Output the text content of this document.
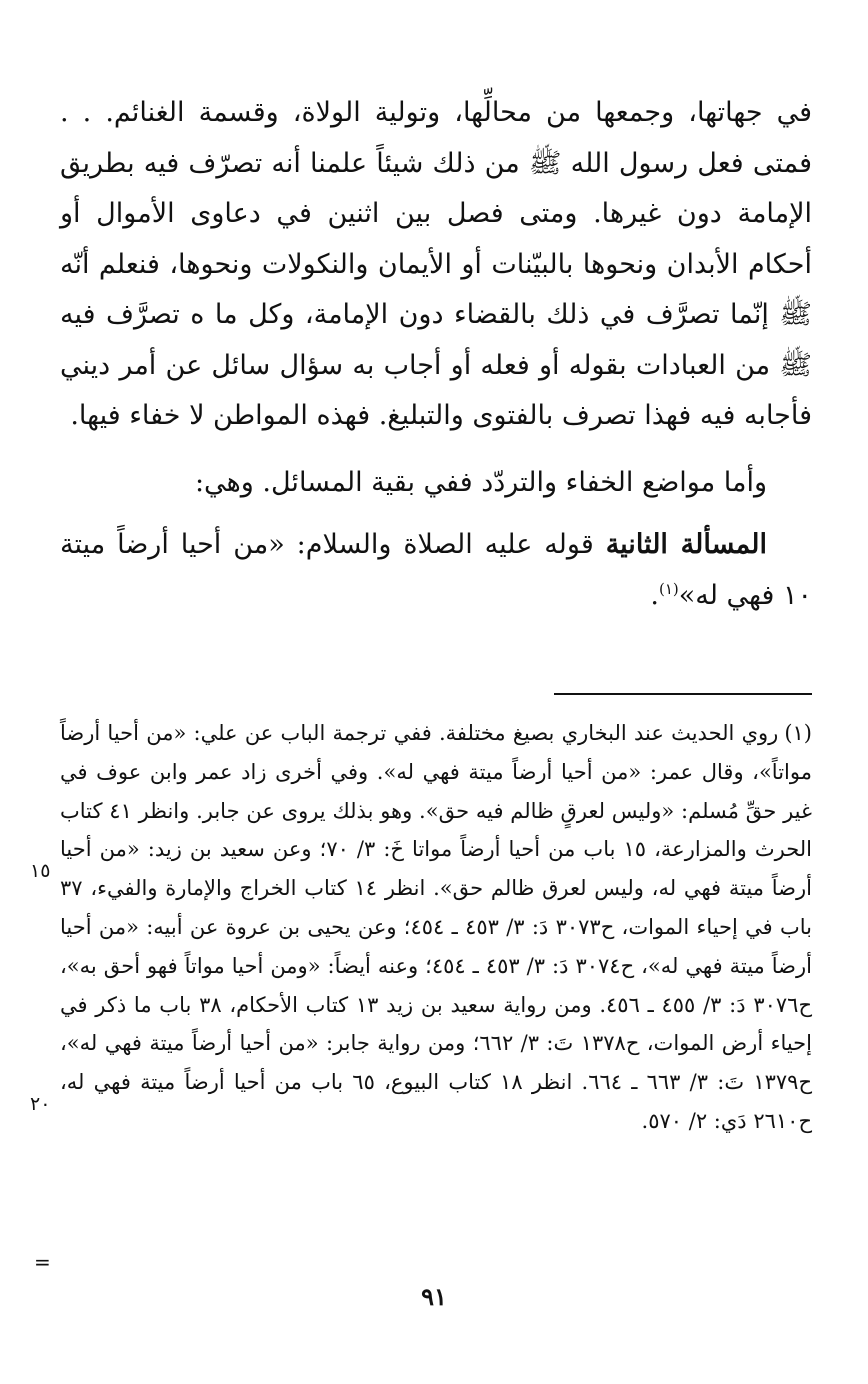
في جهاتها، وجمعها من محالِّها، وتولية الولاة، وقسمة الغنائم. . . فمتى فعل رسول الله ﷺ من ذلك شيئاً علمنا أنه تصرّف فيه بطريق الإمامة دون غيرها. ومتى فصل بين اثنين في دعاوى الأموال أو أحكام الأبدان ونحوها بالبيّنات أو الأيمان والنكولات ونحوها، فنعلم أنّه ﷺ إنّما تصرَّف في ذلك بالقضاء دون الإمامة، وكل ما ه تصرَّف فيه ﷺ من العبادات بقوله أو فعله أو أجاب به سؤال سائل عن أمر ديني فأجابه فيه فهذا تصرف بالفتوى والتبليغ. فهذه المواطن لا خفاء فيها.

وأما مواضع الخفاء والتردّد ففي بقية المسائل. وهي:

المسألة الثانية قوله عليه الصلاة والسلام: «من أحيا أرضاً ميتة ١٠ فهي له»$^{(١)}$.

(١)روي الحديث عند البخاري بصيغ مختلفة. ففي ترجمة الباب عن علي: «من أحيا أرضاً مواتاً»، وقال عمر: «من أحيا أرضاً ميتة فهي له». وفي أخرى زاد عمر وابن عوف في غير حقِّ مُسلم: «وليس لعرقٍ ظالم فيه حق». وهو بذلك يروى عن جابر. وانظر ٤١ كتاب الحرث والمزارعة، ١٥ باب من أحيا أرضاً مواتا خَ: ٣/ ٧٠؛ وعن سعيد بن زيد: «من أحيا أرضاً ميتة فهي له، وليس لعرق ظالم حق». انظر ١٤ كتاب الخراج والإمارة والفيء، ٣٧ باب في إحياء الموات، ح٣٠٧٣ دَ: ٣/ ٤٥٣ ـ ٤٥٤؛ وعن يحيى بن عروة عن أبيه: «من أحيا أرضاً ميتة فهي له»، ح٣٠٧٤ دَ: ٣/ ٤٥٣ ـ ٤٥٤؛ وعنه أيضاً: «ومن أحيا مواتاً فهو أحق به»، ح٣٠٧٦ دَ: ٣/ ٤٥٥ ـ ٤٥٦. ومن رواية سعيد بن زيد ١٣ كتاب الأحكام، ٣٨ باب ما ذكر في إحياء أرض الموات، ح١٣٧٨ تَ: ٣/ ٦٦٢؛ ومن رواية جابر: «من أحيا أرضاً ميتة فهي له»، ح١٣٧٩ تَ: ٣/ ٦٦٣ ـ ٦٦٤. انظر ١٨ كتاب البيوع، ٦٥ باب من أحيا أرضاً ميتة فهي له، ح٢٦١٠ دَي: ٢/ ٥٧٠.

١٥
٢٠
=
٩١
